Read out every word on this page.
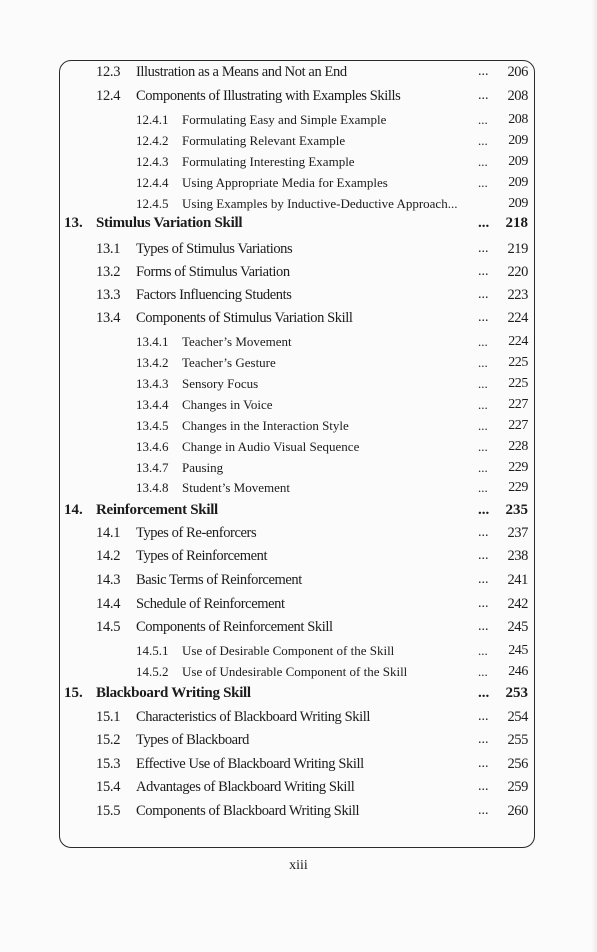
12.3 Illustration as a Means and Not an End	... 206
12.4 Components of Illustrating with Examples Skills	... 208
12.4.1 Formulating Easy and Simple Example	... 208
12.4.2 Formulating Relevant Example	... 209
12.4.3 Formulating Interesting Example	... 209
12.4.4 Using Appropriate Media for Examples	... 209
12.4.5 Using Examples by Inductive-Deductive Approach...	209
13. Stimulus Variation Skill	... 218
13.1 Types of Stimulus Variations	... 219
13.2 Forms of Stimulus Variation	... 220
13.3 Factors Influencing Students	... 223
13.4 Components of Stimulus Variation Skill	... 224
13.4.1 Teacher’s Movement	... 224
13.4.2 Teacher’s Gesture	... 225
13.4.3 Sensory Focus	... 225
13.4.4 Changes in Voice	... 227
13.4.5 Changes in the Interaction Style	... 227
13.4.6 Change in Audio Visual Sequence	... 228
13.4.7 Pausing	... 229
13.4.8 Student’s Movement	... 229
14. Reinforcement Skill	... 235
14.1 Types of Re-enforcers	... 237
14.2 Types of Reinforcement	... 238
14.3 Basic Terms of Reinforcement	... 241
14.4 Schedule of Reinforcement	... 242
14.5 Components of Reinforcement Skill	... 245
14.5.1 Use of Desirable Component of the Skill	... 245
14.5.2 Use of Undesirable Component of the Skill	... 246
15. Blackboard Writing Skill	... 253
15.1 Characteristics of Blackboard Writing Skill	... 254
15.2 Types of Blackboard	... 255
15.3 Effective Use of Blackboard Writing Skill	... 256
15.4 Advantages of Blackboard Writing Skill	... 259
15.5 Components of Blackboard Writing Skill	... 260
xiii
